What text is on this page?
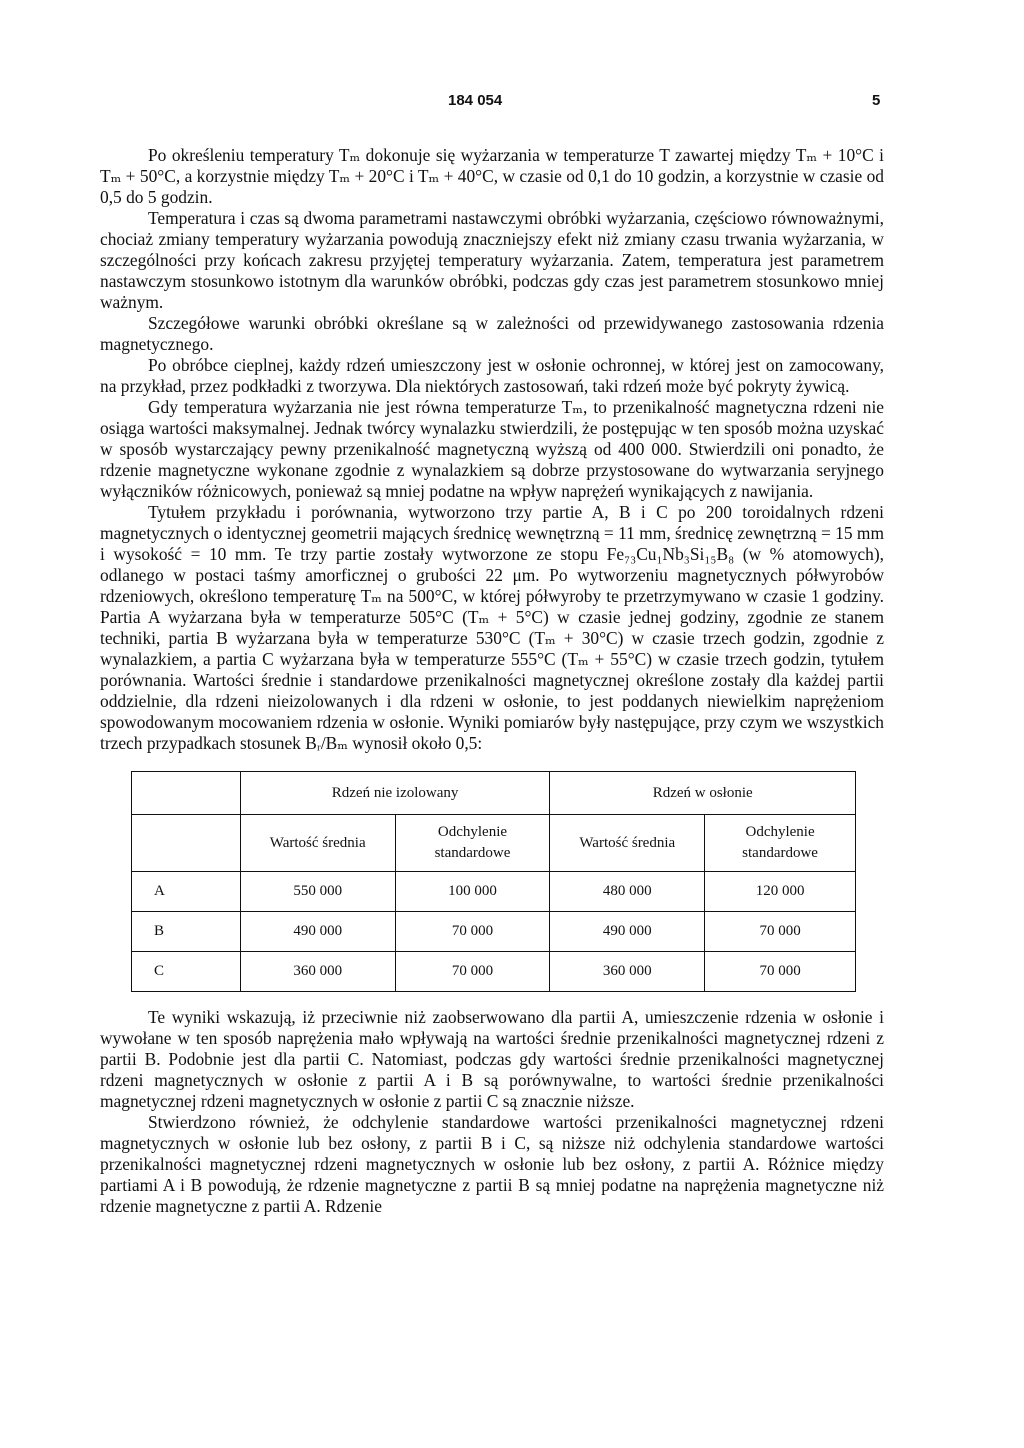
184 054	5

Po określeniu temperatury Tₘ dokonuje się wyżarzania w temperaturze T zawartej między Tₘ + 10°C i Tₘ + 50°C, a korzystnie między Tₘ + 20°C i Tₘ + 40°C, w czasie od 0,1 do 10 godzin, a korzystnie w czasie od 0,5 do 5 godzin.

Temperatura i czas są dwoma parametrami nastawczymi obróbki wyżarzania, częściowo równoważnymi, chociaż zmiany temperatury wyżarzania powodują znaczniejszy efekt niż zmiany czasu trwania wyżarzania, w szczególności przy końcach zakresu przyjętej temperatury wyżarzania. Zatem, temperatura jest parametrem nastawczym stosunkowo istotnym dla warunków obróbki, podczas gdy czas jest parametrem stosunkowo mniej ważnym.

Szczegółowe warunki obróbki określane są w zależności od przewidywanego zastosowania rdzenia magnetycznego.

Po obróbce cieplnej, każdy rdzeń umieszczony jest w osłonie ochronnej, w której jest on zamocowany, na przykład, przez podkładki z tworzywa. Dla niektórych zastosowań, taki rdzeń może być pokryty żywicą.

Gdy temperatura wyżarzania nie jest równa temperaturze Tₘ, to przenikalność magnetyczna rdzeni nie osiąga wartości maksymalnej. Jednak twórcy wynalazku stwierdzili, że postępując w ten sposób można uzyskać w sposób wystarczający pewny przenikalność magnetyczną wyższą od 400 000. Stwierdzili oni ponadto, że rdzenie magnetyczne wykonane zgodnie z wynalazkiem są dobrze przystosowane do wytwarzania seryjnego wyłączników różnicowych, ponieważ są mniej podatne na wpływ naprężeń wynikających z nawijania.

Tytułem przykładu i porównania, wytworzono trzy partie A, B i C po 200 toroidalnych rdzeni magnetycznych o identycznej geometrii mających średnicę wewnętrzną = 11 mm, średnicę zewnętrzną = 15 mm i wysokość = 10 mm. Te trzy partie zostały wytworzone ze stopu Fe₇₃Cu₁Nb₃Si₁₅B₈ (w % atomowych), odlanego w postaci taśmy amorficznej o grubości 22 μm. Po wytworzeniu magnetycznych półwyrobów rdzeniowych, określono temperaturę Tₘ na 500°C, w której półwyroby te przetrzymywano w czasie 1 godziny. Partia A wyżarzana była w temperaturze 505°C (Tₘ + 5°C) w czasie jednej godziny, zgodnie ze stanem techniki, partia B wyżarzana była w temperaturze 530°C (Tₘ + 30°C) w czasie trzech godzin, zgodnie z wynalazkiem, a partia C wyżarzana była w temperaturze 555°C (Tₘ + 55°C) w czasie trzech godzin, tytułem porównania. Wartości średnie i standardowe przenikalności magnetycznej określone zostały dla każdej partii oddzielnie, dla rdzeni nieizolowanych i dla rdzeni w osłonie, to jest poddanych niewielkim naprężeniom spowodowanym mocowaniem rdzenia w osłonie. Wyniki pomiarów były następujące, przy czym we wszystkich trzech przypadkach stosunek Bᵣ/Bₘ wynosił około 0,5:

	Rdzeń nie izolowany		Rdzeń w osłonie	
	Wartość średnia	Odchylenie standardowe	Wartość średnia	Odchylenie standardowe
A	550 000	100 000	480 000	120 000
B	490 000	70 000	490 000	70 000
C	360 000	70 000	360 000	70 000

Te wyniki wskazują, iż przeciwnie niż zaobserwowano dla partii A, umieszczenie rdzenia w osłonie i wywołane w ten sposób naprężenia mało wpływają na wartości średnie przenikalności magnetycznej rdzeni z partii B. Podobnie jest dla partii C. Natomiast, podczas gdy wartości średnie przenikalności magnetycznej rdzeni magnetycznych w osłonie z partii A i B są porównywalne, to wartości średnie przenikalności magnetycznej rdzeni magnetycznych w osłonie z partii C są znacznie niższe.

Stwierdzono również, że odchylenie standardowe wartości przenikalności magnetycznej rdzeni magnetycznych w osłonie lub bez osłony, z partii B i C, są niższe niż odchylenia standardowe wartości przenikalności magnetycznej rdzeni magnetycznych w osłonie lub bez osłony, z partii A. Różnice między partiami A i B powodują, że rdzenie magnetyczne z partii B są mniej podatne na naprężenia magnetyczne niż rdzenie magnetyczne z partii A. Rdzenie
